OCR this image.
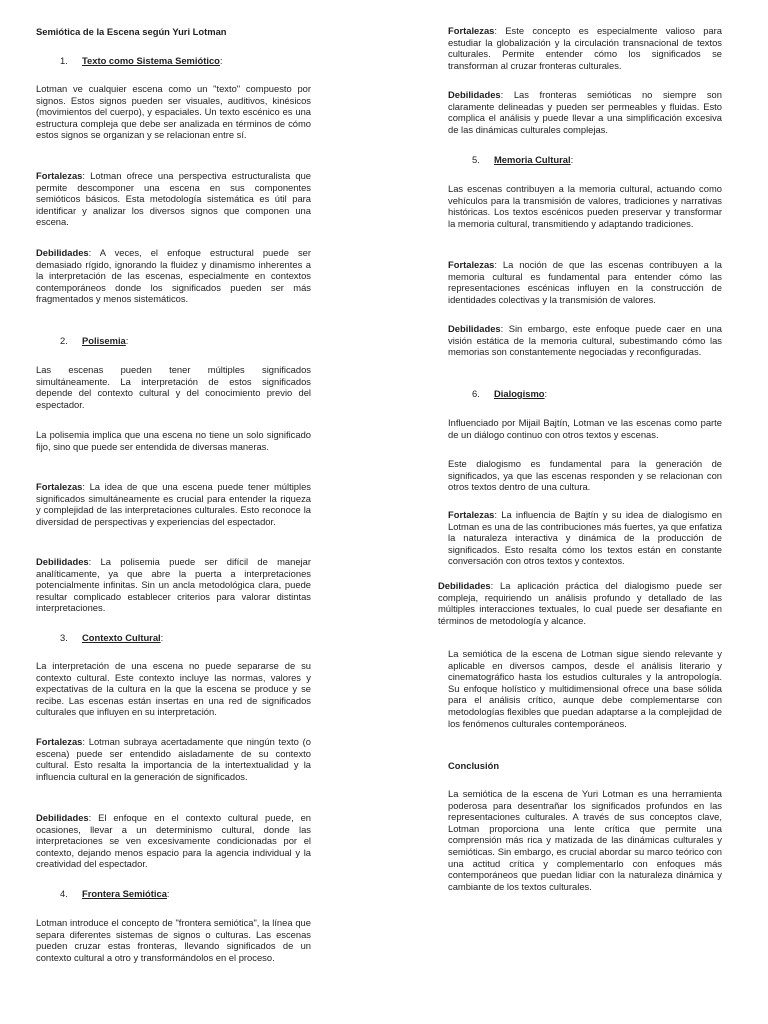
Semiótica de la Escena según Yuri Lotman
1.	Texto como Sistema Semiótico :

Lotman ve cualquier escena como un "texto" compuesto por signos. Estos signos pueden ser visuales, auditivos, kinésicos (movimientos del cuerpo), y espaciales. Un texto escénico es una estructura compleja que debe ser analizada en términos de cómo estos signos se organizan y se relacionan entre sí.

Fortalezas: Lotman ofrece una perspectiva estructuralista que permite descomponer una escena en sus componentes semióticos básicos. Esta metodología sistemática es útil para identificar y analizar los diversos signos que componen una escena.

Debilidades: A veces, el enfoque estructural puede ser demasiado rígido, ignorando la fluidez y dinamismo inherentes a la interpretación de las escenas, especialmente en contextos contemporáneos donde los significados pueden ser más fragmentados y menos sistemáticos.

2.	Polisemia :

Las escenas pueden tener múltiples significados simultáneamente. La interpretación de estos significados depende del contexto cultural y del conocimiento previo del espectador.

La polisemia implica que una escena no tiene un solo significado fijo, sino que puede ser entendida de diversas maneras.

Fortalezas: La idea de que una escena puede tener múltiples significados simultáneamente es crucial para entender la riqueza y complejidad de las interpretaciones culturales. Esto reconoce la diversidad de perspectivas y experiencias del espectador.

Debilidades: La polisemia puede ser difícil de manejar analíticamente, ya que abre la puerta a interpretaciones potencialmente infinitas. Sin un ancla metodológica clara, puede resultar complicado establecer criterios para valorar distintas interpretaciones.

3.	Contexto Cultural :

La interpretación de una escena no puede separarse de su contexto cultural. Este contexto incluye las normas, valores y expectativas de la cultura en la que la escena se produce y se recibe. Las escenas están insertas en una red de significados culturales que influyen en su interpretación.

Fortalezas: Lotman subraya acertadamente que ningún texto (o escena) puede ser entendido aisladamente de su contexto cultural. Esto resalta la importancia de la intertextualidad y la influencia cultural en la generación de significados.

Debilidades: El enfoque en el contexto cultural puede, en ocasiones, llevar a un determinismo cultural, donde las interpretaciones se ven excesivamente condicionadas por el contexto, dejando menos espacio para la agencia individual y la creatividad del espectador.

4.	Frontera Semiótica :

Lotman introduce el concepto de "frontera semiótica", la línea que separa diferentes sistemas de signos o culturas. Las escenas pueden cruzar estas fronteras, llevando significados de un contexto cultural a otro y transformándolos en el proceso.

Fortalezas: Este concepto es especialmente valioso para estudiar la globalización y la circulación transnacional de textos culturales. Permite entender cómo los significados se transforman al cruzar fronteras culturales.

Debilidades: Las fronteras semióticas no siempre son claramente delineadas y pueden ser permeables y fluidas. Esto complica el análisis y puede llevar a una simplificación excesiva de las dinámicas culturales complejas.

5.	Memoria Cultural :

Las escenas contribuyen a la memoria cultural, actuando como vehículos para la transmisión de valores, tradiciones y narrativas históricas. Los textos escénicos pueden preservar y transformar la memoria cultural, transmitiendo y adaptando tradiciones.

Fortalezas: La noción de que las escenas contribuyen a la memoria cultural es fundamental para entender cómo las representaciones escénicas influyen en la construcción de identidades colectivas y la transmisión de valores.

Debilidades: Sin embargo, este enfoque puede caer en una visión estática de la memoria cultural, subestimando cómo las memorias son constantemente negociadas y reconfiguradas.

6.	Dialogismo :

Influenciado por Mijail Bajtín, Lotman ve las escenas como parte de un diálogo continuo con otros textos y escenas.

Este dialogismo es fundamental para la generación de significados, ya que las escenas responden y se relacionan con otros textos dentro de una cultura.

Fortalezas: La influencia de Bajtín y su idea de dialogismo en Lotman es una de las contribuciones más fuertes, ya que enfatiza la naturaleza interactiva y dinámica de la producción de significados. Esto resalta cómo los textos están en constante conversación con otros textos y contextos.

Debilidades: La aplicación práctica del dialogismo puede ser compleja, requiriendo un análisis profundo y detallado de las múltiples interacciones textuales, lo cual puede ser desafiante en términos de metodología y alcance.

La semiótica de la escena de Lotman sigue siendo relevante y aplicable en diversos campos, desde el análisis literario y cinematográfico hasta los estudios culturales y la antropología. Su enfoque holístico y multidimensional ofrece una base sólida para el análisis crítico, aunque debe complementarse con metodologías flexibles que puedan adaptarse a la complejidad de los fenómenos culturales contemporáneos.

Conclusión

La semiótica de la escena de Yuri Lotman es una herramienta poderosa para desentrañar los significados profundos en las representaciones culturales. A través de sus conceptos clave, Lotman proporciona una lente crítica que permite una comprensión más rica y matizada de las dinámicas culturales y semióticas. Sin embargo, es crucial abordar su marco teórico con una actitud crítica y complementarlo con enfoques más contemporáneos que puedan lidiar con la naturaleza dinámica y cambiante de los textos culturales.
